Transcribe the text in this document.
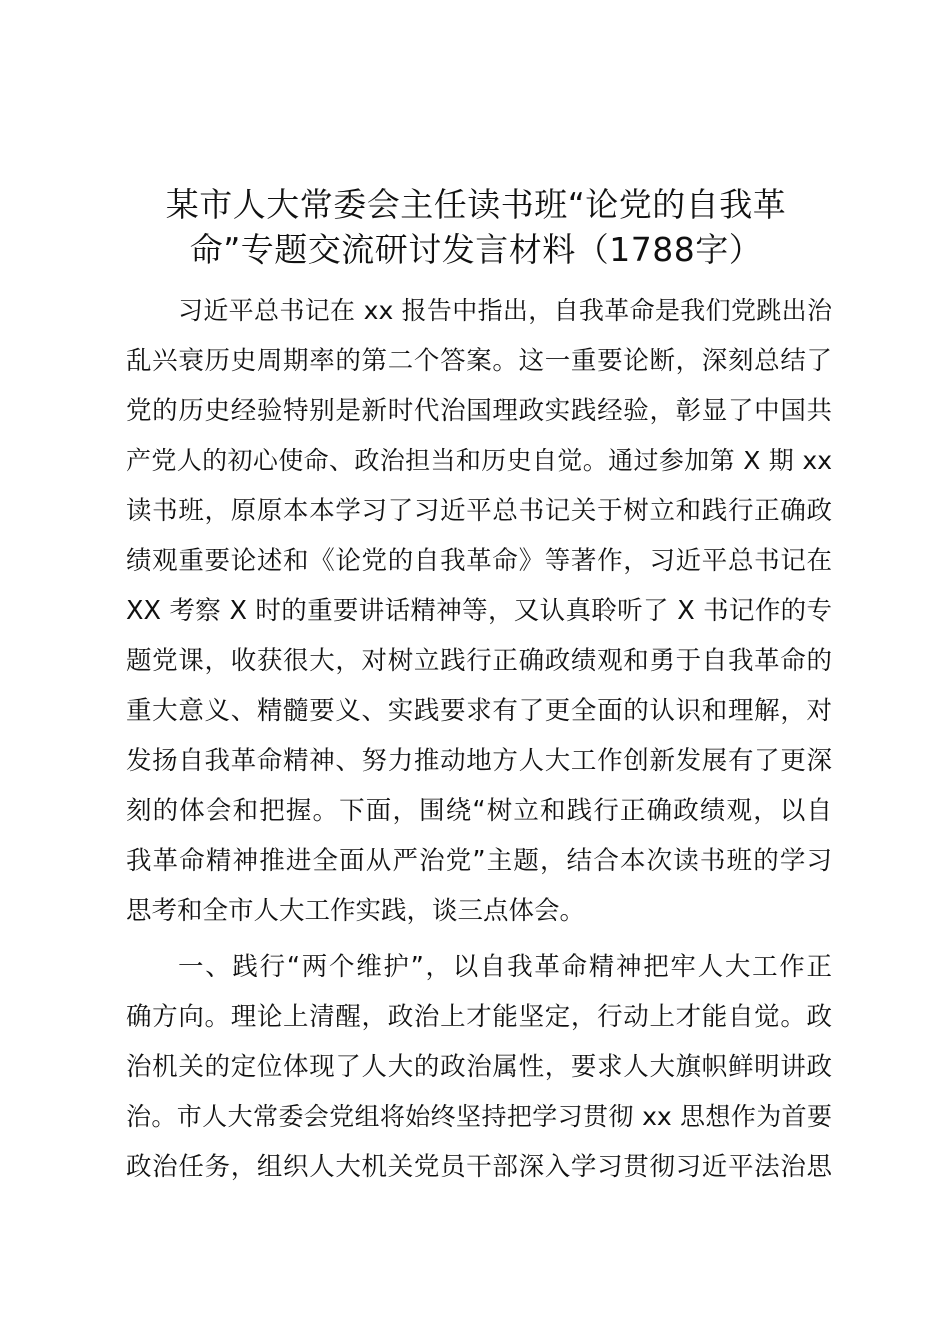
某市人大常委会主任读书班“论党的自我革
命”专题交流研讨发言材料（1788字）
习近平总书记在 xx 报告中指出，自我革命是我们党跳出治
乱兴衰历史周期率的第二个答案。这一重要论断，深刻总结了
党的历史经验特别是新时代治国理政实践经验，彰显了中国共
产党人的初心使命、政治担当和历史自觉。通过参加第 X 期 xx
读书班，原原本本学习了习近平总书记关于树立和践行正确政
绩观重要论述和《论党的自我革命》等著作，习近平总书记在
XX 考察 X 时的重要讲话精神等，又认真聆听了 X 书记作的专
题党课，收获很大，对树立践行正确政绩观和勇于自我革命的
重大意义、精髓要义、实践要求有了更全面的认识和理解，对
发扬自我革命精神、努力推动地方人大工作创新发展有了更深
刻的体会和把握。下面，围绕“树立和践行正确政绩观，以自
我革命精神推进全面从严治党”主题，结合本次读书班的学习
思考和全市人大工作实践，谈三点体会。
一、践行“两个维护”，以自我革命精神把牢人大工作正
确方向。理论上清醒，政治上才能坚定，行动上才能自觉。政
治机关的定位体现了人大的政治属性，要求人大旗帜鲜明讲政
治。市人大常委会党组将始终坚持把学习贯彻 xx 思想作为首要
政治任务，组织人大机关党员干部深入学习贯彻习近平法治思
